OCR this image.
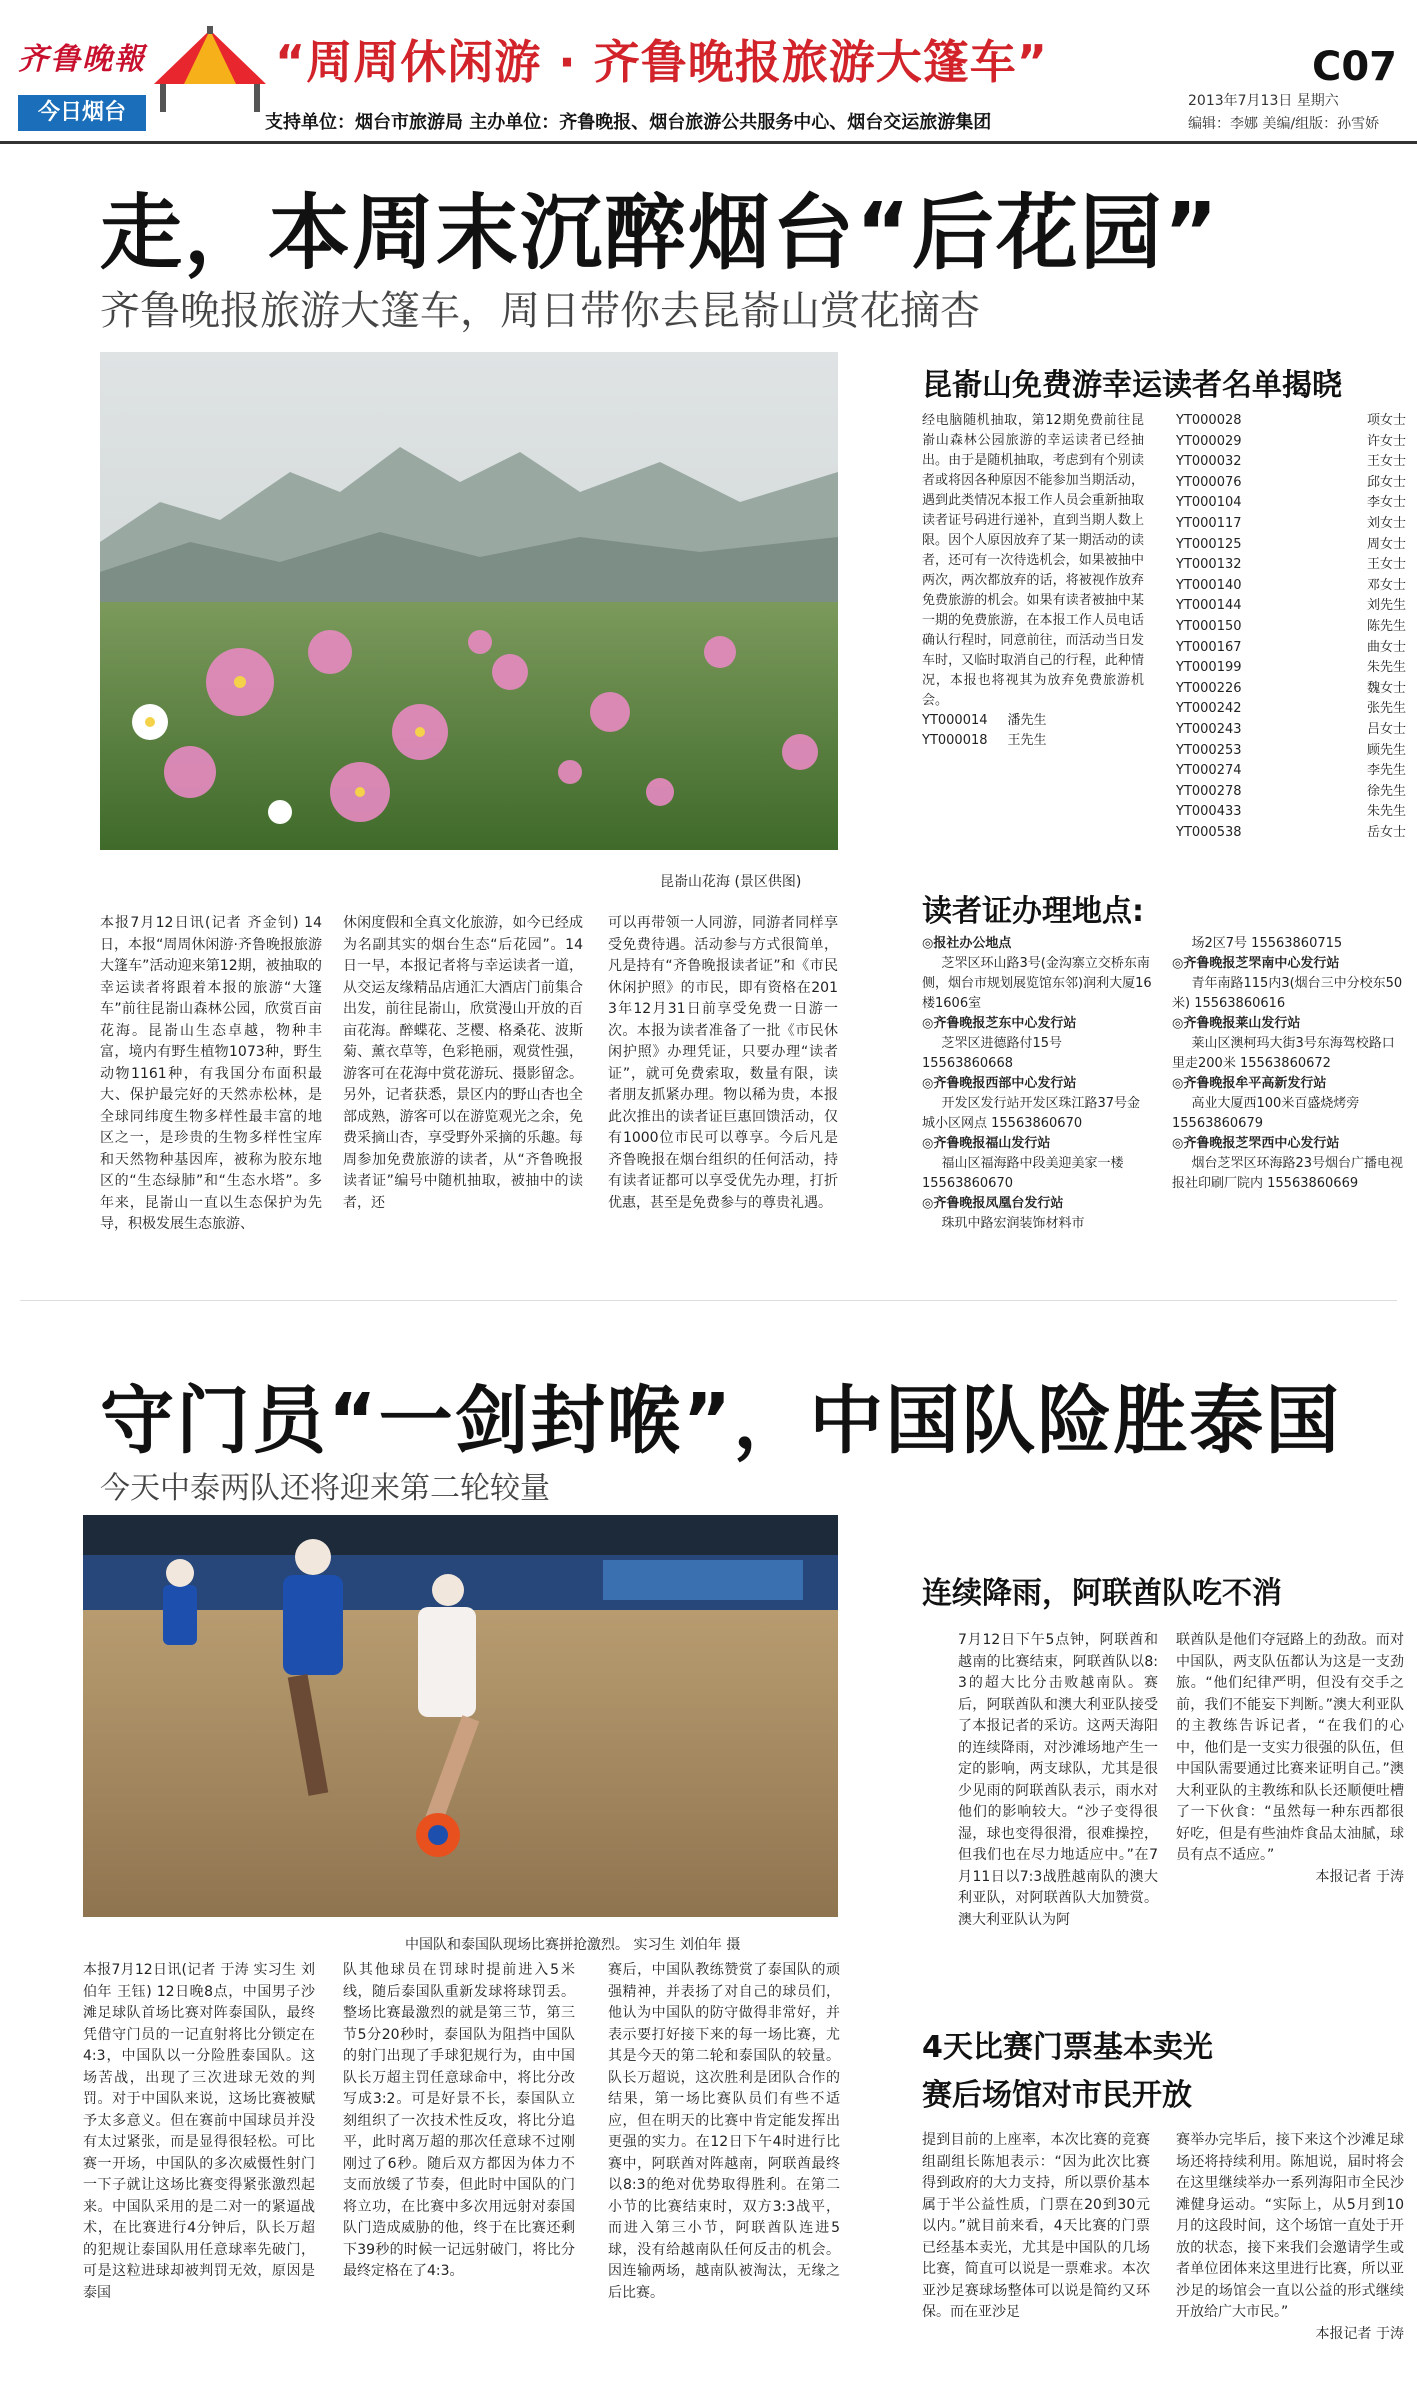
齐鲁晚報
今日烟台
“周周休闲游 · 齐鲁晚报旅游大篷车”
支持单位：烟台市旅游局 主办单位：齐鲁晚报、烟台旅游公共服务中心、烟台交运旅游集团
C07
2013年7月13日 星期六
编辑：李娜 美编/组版：孙雪娇
走，本周末沉醉烟台“后花园”
齐鲁晚报旅游大篷车，周日带你去昆嵛山赏花摘杏
昆嵛山花海 (景区供图)
昆嵛山免费游幸运读者名单揭晓
经电脑随机抽取，第12期免费前往昆嵛山森林公园旅游的幸运读者已经抽出。由于是随机抽取，考虑到有个别读者或将因各种原因不能参加当期活动，遇到此类情况本报工作人员会重新抽取读者证号码进行递补，直到当期人数上限。因个人原因放弃了某一期活动的读者，还可有一次待选机会，如果被抽中两次，两次都放弃的话，将被视作放弃免费旅游的机会。如果有读者被抽中某一期的免费旅游，在本报工作人员电话确认行程时，同意前往，而活动当日发车时，又临时取消自己的行程，此种情况，本报也将视其为放弃免费旅游机会。
YT000014 潘先生
YT000018 王先生
YT000028	项女士
YT000029	许女士
YT000032	王女士
YT000076	邱女士
YT000104	李女士
YT000117	刘女士
YT000125	周女士
YT000132	王女士
YT000140	邓女士
YT000144	刘先生
YT000150	陈先生
YT000167	曲女士
YT000199	朱先生
YT000226	魏女士
YT000242	张先生
YT000243	吕女士
YT000253	顾先生
YT000274	李先生
YT000278	徐先生
YT000433	朱先生
YT000538	岳女士
读者证办理地点:
◎报社办公地点
芝罘区环山路3号(金沟寨立交桥东南侧，烟台市规划展览馆东邻)润利大厦16楼1606室
◎齐鲁晚报芝东中心发行站
芝罘区进德路付15号 15563860668
◎齐鲁晚报西部中心发行站
开发区发行站开发区珠江路37号金城小区网点 15563860670
◎齐鲁晚报福山发行站
福山区福海路中段美迎美家一楼 15563860670
◎齐鲁晚报凤凰台发行站
珠玑中路宏润装饰材料市
场2区7号 15563860715
◎齐鲁晚报芝罘南中心发行站
青年南路115内3(烟台三中分校东50米) 15563860616
◎齐鲁晚报莱山发行站
莱山区澳柯玛大街3号东海驾校路口里走200米 15563860672
◎齐鲁晚报牟平高新发行站
高业大厦西100米百盛烧烤旁 15563860679
◎齐鲁晚报芝罘西中心发行站
烟台芝罘区环海路23号烟台广播电视报社印刷厂院内 15563860669
本报7月12日讯(记者 齐金钊) 14日，本报“周周休闲游·齐鲁晚报旅游大篷车”活动迎来第12期，被抽取的幸运读者将跟着本报的旅游“大篷车”前往昆嵛山森林公园，欣赏百亩花海。昆嵛山生态卓越，物种丰富，境内有野生植物1073种，野生动物1161种，有我国分布面积最大、保护最完好的天然赤松林，是全球同纬度生物多样性最丰富的地区之一，是珍贵的生物多样性宝库和天然物种基因库，被称为胶东地区的“生态绿肺”和“生态水塔”。多年来，昆嵛山一直以生态保护为先导，积极发展生态旅游、
休闲度假和全真文化旅游，如今已经成为名副其实的烟台生态“后花园”。14日一早，本报记者将与幸运读者一道，从交运友缘精品店通汇大酒店门前集合出发，前往昆嵛山，欣赏漫山开放的百亩花海。醉蝶花、芝樱、格桑花、波斯菊、薰衣草等，色彩艳丽，观赏性强，游客可在花海中赏花游玩、摄影留念。另外，记者获悉，景区内的野山杏也全部成熟，游客可以在游览观光之余，免费采摘山杏，享受野外采摘的乐趣。每周参加免费旅游的读者，从“齐鲁晚报读者证”编号中随机抽取，被抽中的读者，还
可以再带领一人同游，同游者同样享受免费待遇。活动参与方式很简单，凡是持有“齐鲁晚报读者证”和《市民休闲护照》的市民，即有资格在2013年12月31日前享受免费一日游一次。本报为读者准备了一批《市民休闲护照》办理凭证，只要办理“读者证”，就可免费索取，数量有限，读者朋友抓紧办理。物以稀为贵，本报此次推出的读者证巨惠回馈活动，仅有1000位市民可以尊享。今后凡是齐鲁晚报在烟台组织的任何活动，持有读者证都可以享受优先办理，打折优惠，甚至是免费参与的尊贵礼遇。
守门员“一剑封喉”，中国队险胜泰国
今天中泰两队还将迎来第二轮较量
中国队和泰国队现场比赛拼抢激烈。 实习生 刘伯年 摄
连续降雨，阿联酋队吃不消
7月12日下午5点钟，阿联酋和越南的比赛结束，阿联酋队以8:3的超大比分击败越南队。赛后，阿联酋队和澳大利亚队接受了本报记者的采访。这两天海阳的连续降雨，对沙滩场地产生一定的影响，两支球队，尤其是很少见雨的阿联酋队表示，雨水对他们的影响较大。“沙子变得很湿，球也变得很滑，很难操控，但我们也在尽力地适应中。”在7月11日以7:3战胜越南队的澳大利亚队，对阿联酋队大加赞赏。澳大利亚队认为阿
联酋队是他们夺冠路上的劲敌。而对中国队，两支队伍都认为这是一支劲旅。“他们纪律严明，但没有交手之前，我们不能妄下判断。”澳大利亚队的主教练告诉记者，“在我们的心中，他们是一支实力很强的队伍，但中国队需要通过比赛来证明自己。”澳大利亚队的主教练和队长还顺便吐槽了一下伙食：“虽然每一种东西都很好吃，但是有些油炸食品太油腻，球员有点不适应。”
本报记者 于涛
4天比赛门票基本卖光
赛后场馆对市民开放
提到目前的上座率，本次比赛的竞赛组副组长陈旭表示：“因为此次比赛得到政府的大力支持，所以票价基本属于半公益性质，门票在20到30元以内。”就目前来看，4天比赛的门票已经基本卖光，尤其是中国队的几场比赛，简直可以说是一票难求。本次亚沙足赛球场整体可以说是简约又环保。而在亚沙足
赛举办完毕后，接下来这个沙滩足球场还将持续利用。陈旭说，届时将会在这里继续举办一系列海阳市全民沙滩健身运动。“实际上，从5月到10月的这段时间，这个场馆一直处于开放的状态，接下来我们会邀请学生或者单位团体来这里进行比赛，所以亚沙足的场馆会一直以公益的形式继续开放给广大市民。”
本报记者 于涛
本报7月12日讯(记者 于涛 实习生 刘伯年 王钰) 12日晚8点，中国男子沙滩足球队首场比赛对阵泰国队，最终凭借守门员的一记直射将比分锁定在4:3，中国队以一分险胜泰国队。这场苦战，出现了三次进球无效的判罚。对于中国队来说，这场比赛被赋予太多意义。但在赛前中国球员并没有太过紧张，而是显得很轻松。可比赛一开场，中国队的多次威慑性射门一下子就让这场比赛变得紧张激烈起来。中国队采用的是二对一的紧逼战术，在比赛进行4分钟后，队长万超的犯规让泰国队用任意球率先破门，可是这粒进球却被判罚无效，原因是泰国
队其他球员在罚球时提前进入5米线，随后泰国队重新发球将球罚丢。整场比赛最激烈的就是第三节，第三节5分20秒时，泰国队为阻挡中国队的射门出现了手球犯规行为，由中国队长万超主罚任意球命中，将比分改写成3:2。可是好景不长，泰国队立刻组织了一次技术性反攻，将比分追平，此时离万超的那次任意球不过刚刚过了6秒。随后双方都因为体力不支而放缓了节奏，但此时中国队的门将立功，在比赛中多次用远射对泰国队门造成威胁的他，终于在比赛还剩下39秒的时候一记远射破门，将比分最终定格在了4:3。
赛后，中国队教练赞赏了泰国队的顽强精神，并表扬了对自己的球员们，他认为中国队的防守做得非常好，并表示要打好接下来的每一场比赛，尤其是今天的第二轮和泰国队的较量。队长万超说，这次胜利是团队合作的结果，第一场比赛队员们有些不适应，但在明天的比赛中肯定能发挥出更强的实力。在12日下午4时进行比赛中，阿联酋对阵越南，阿联酋最终以8:3的绝对优势取得胜利。在第二小节的比赛结束时，双方3:3战平，而进入第三小节，阿联酋队连进5球，没有给越南队任何反击的机会。因连输两场，越南队被淘汰，无缘之后比赛。
